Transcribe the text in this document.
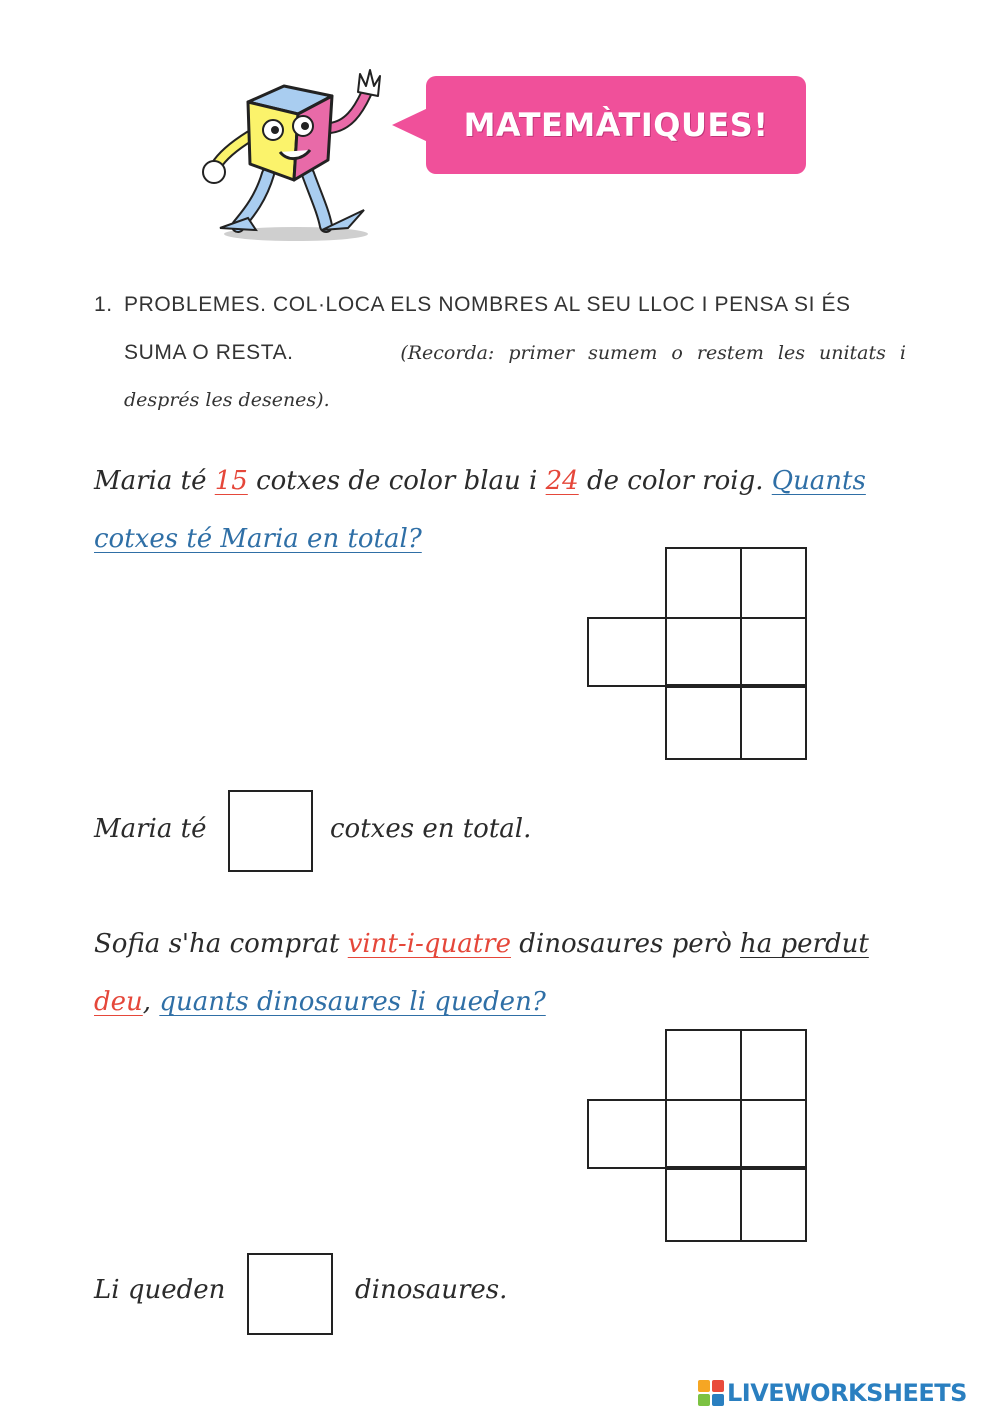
MATEMÀTIQUES!
1. PROBLEMES. COL·LOCA ELS NOMBRES AL SEU LLOC I PENSA SI ÉS
SUMA O RESTA.	(Recorda: primer sumem o restem les unitats i
després les desenes).
Maria té 15 cotxes de color blau i 24 de color roig. Quants
cotxes té Maria en total?
Maria té	cotxes en total.
Sofia s'ha comprat vint-i-quatre dinosaures però ha perdut
deu, quants dinosaures li queden?
Li queden	dinosaures.
LIVEWORKSHEETS
